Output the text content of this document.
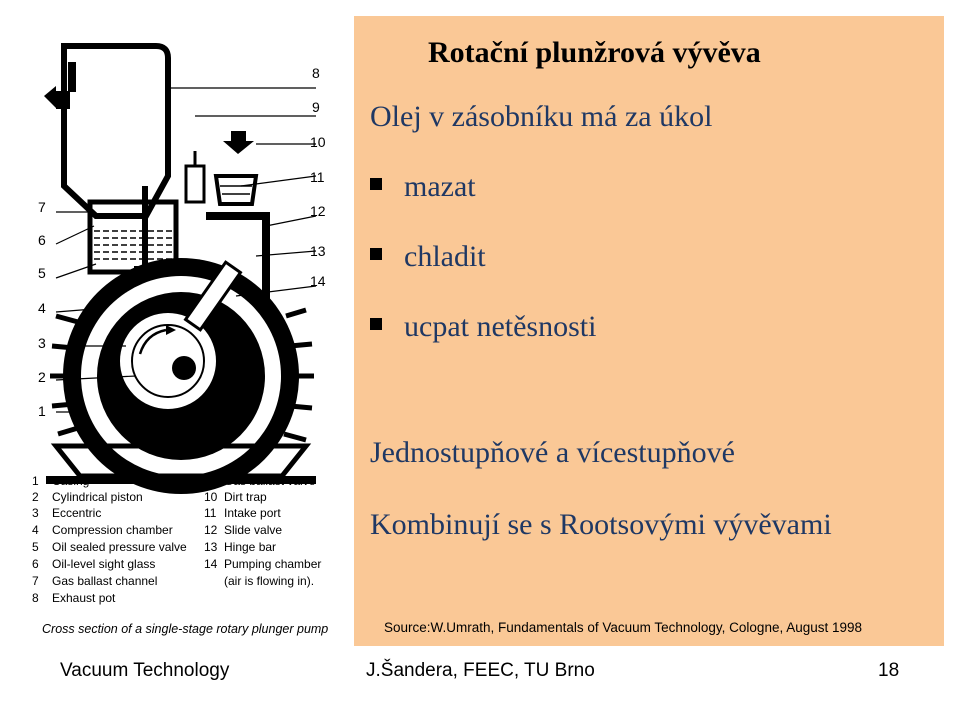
8
9
10
11
12
13
14
7
6
5
4
3
2
1
1 Casing
2 Cylindrical piston
3 Eccentric
4 Compression chamber
5 Oil sealed pressure valve
6 Oil-level sight glass
7 Gas ballast channel
8 Exhaust pot
9 Gas ballast valve
10 Dirt trap
11 Intake port
12 Slide valve
13 Hinge bar
14 Pumping chamber
(air is flowing in).
Cross section of a single-stage rotary plunger pump
Rotační plunžrová vývěva
Olej v zásobníku má za úkol
mazat
chladit
ucpat netěsnosti
Jednostupňové a vícestupňové
Kombinují se s Rootsovými vývěvami
Source:W.Umrath, Fundamentals of Vacuum Technology, Cologne, August 1998
Vacuum Technology	J.Šandera, FEEC, TU Brno	18
